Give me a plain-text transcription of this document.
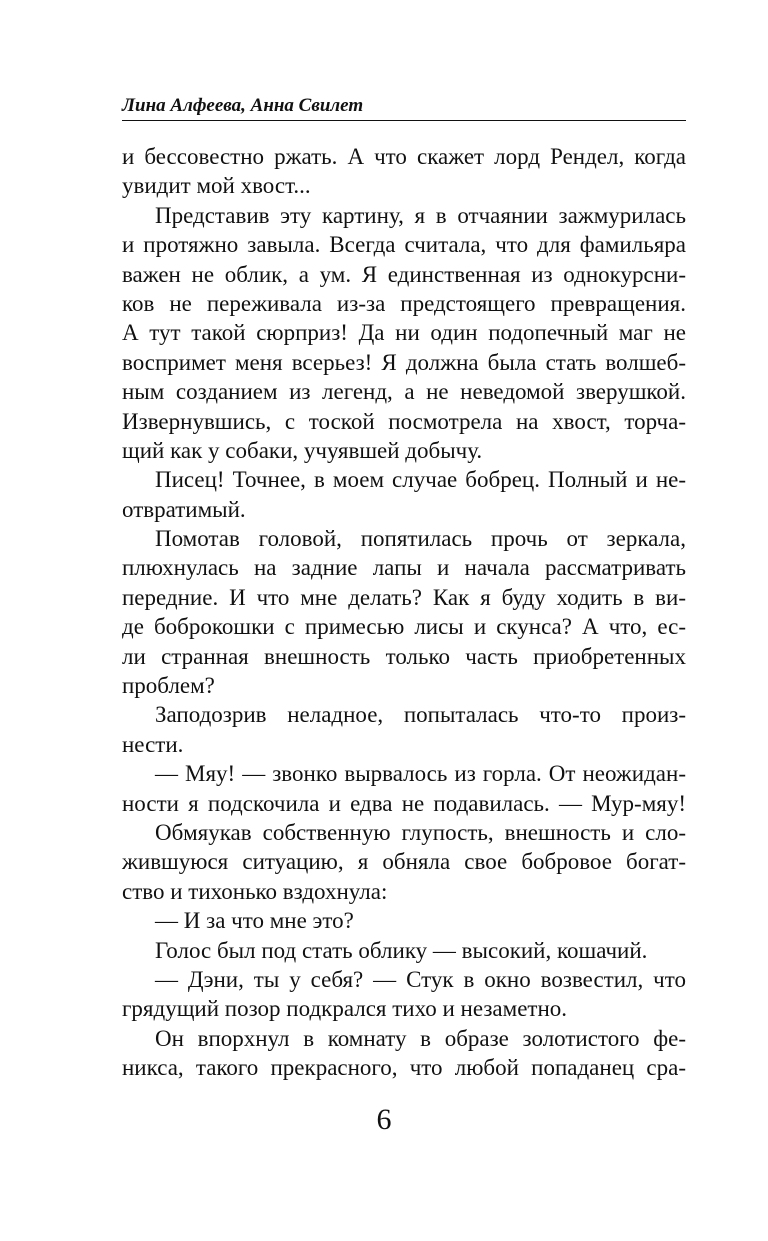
Лина Алфеева, Анна Свилет
и бессовестно ржать. А что скажет лорд Рендел, когда
увидит мой хвост...
Представив эту картину, я в отчаянии зажмурилась
и протяжно завыла. Всегда считала, что для фамильяра
важен не облик, а ум. Я единственная из однокурсни-
ков не переживала из-за предстоящего превращения.
А тут такой сюрприз! Да ни один подопечный маг не
воспримет меня всерьез! Я должна была стать волшеб-
ным созданием из легенд, а не неведомой зверушкой.
Извернувшись, с тоской посмотрела на хвост, торча-
щий как у собаки, учуявшей добычу.
Писец! Точнее, в моем случае бобрец. Полный и не-
отвратимый.
Помотав головой, попятилась прочь от зеркала,
плюхнулась на задние лапы и начала рассматривать
передние. И что мне делать? Как я буду ходить в ви-
де боброкошки с примесью лисы и скунса? А что, ес-
ли странная внешность только часть приобретенных
проблем?
Заподозрив неладное, попыталась что-то произ-
нести.
— Мяу! — звонко вырвалось из горла. От неожидан-
ности я подскочила и едва не подавилась. — Мур-мяу!
Обмяукав собственную глупость, внешность и сло-
жившуюся ситуацию, я обняла свое бобровое богат-
ство и тихонько вздохнула:
— И за что мне это?
Голос был под стать облику — высокий, кошачий.
— Дэни, ты у себя? — Стук в окно возвестил, что
грядущий позор подкрался тихо и незаметно.
Он впорхнул в комнату в образе золотистого фе-
никса, такого прекрасного, что любой попаданец сра-
6
